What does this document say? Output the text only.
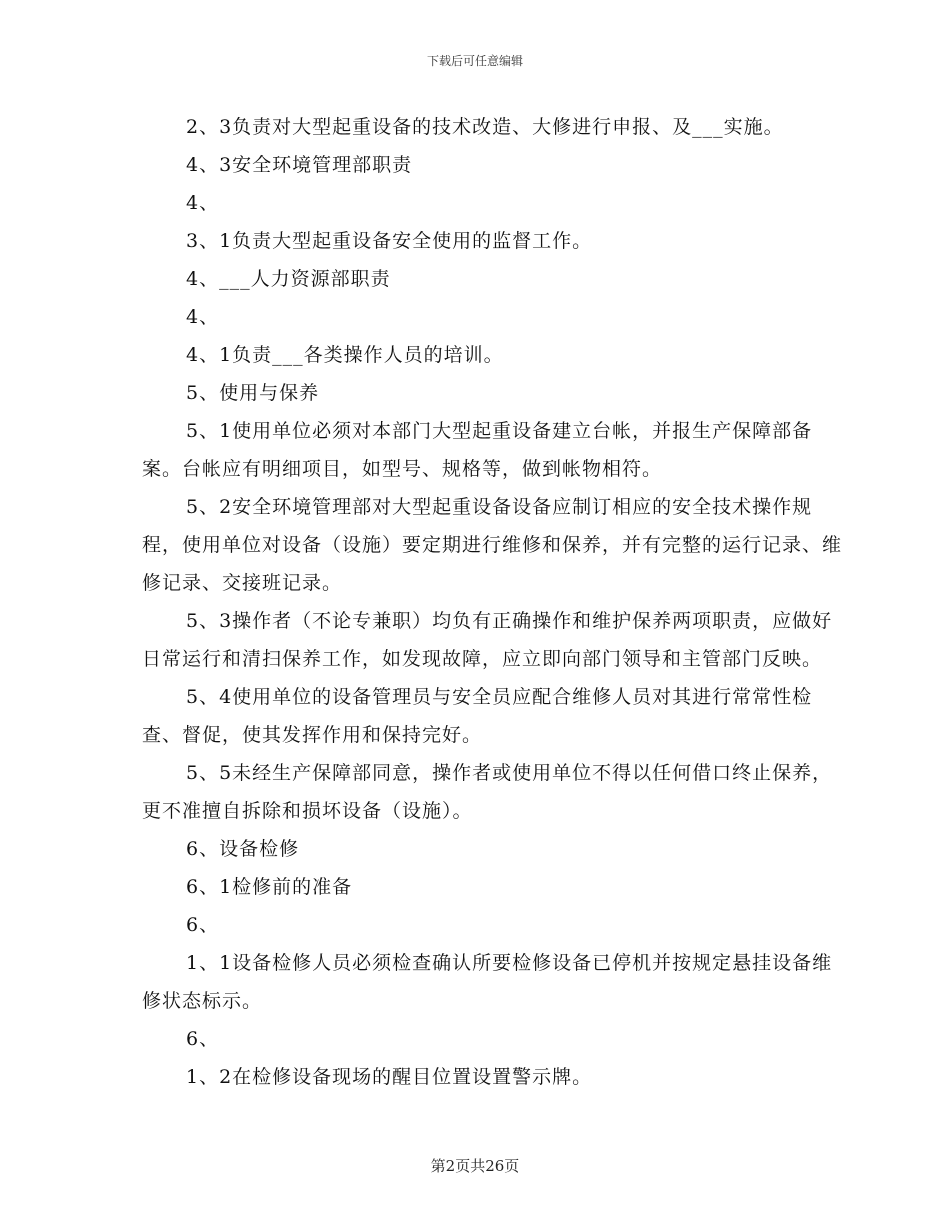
下载后可任意编辑

2、3负责对大型起重设备的技术改造、大修进行申报、及___实施。

4、3安全环境管理部职责

4、

3、1负责大型起重设备安全使用的监督工作。

4、___人力资源部职责

4、

4、1负责___各类操作人员的培训。

5、使用与保养

5、1使用单位必须对本部门大型起重设备建立台帐，并报生产保障部备案。台帐应有明细项目，如型号、规格等，做到帐物相符。

5、2安全环境管理部对大型起重设备设备应制订相应的安全技术操作规程，使用单位对设备（设施）要定期进行维修和保养，并有完整的运行记录、维修记录、交接班记录。

5、3操作者（不论专兼职）均负有正确操作和维护保养两项职责，应做好日常运行和清扫保养工作，如发现故障，应立即向部门领导和主管部门反映。

5、4使用单位的设备管理员与安全员应配合维修人员对其进行常常性检查、督促，使其发挥作用和保持完好。

5、5未经生产保障部同意，操作者或使用单位不得以任何借口终止保养，更不准擅自拆除和损坏设备（设施）。

6、设备检修

6、1检修前的准备

6、

1、1设备检修人员必须检查确认所要检修设备已停机并按规定悬挂设备维修状态标示。

6、

1、2在检修设备现场的醒目位置设置警示牌。

第2页共26页
